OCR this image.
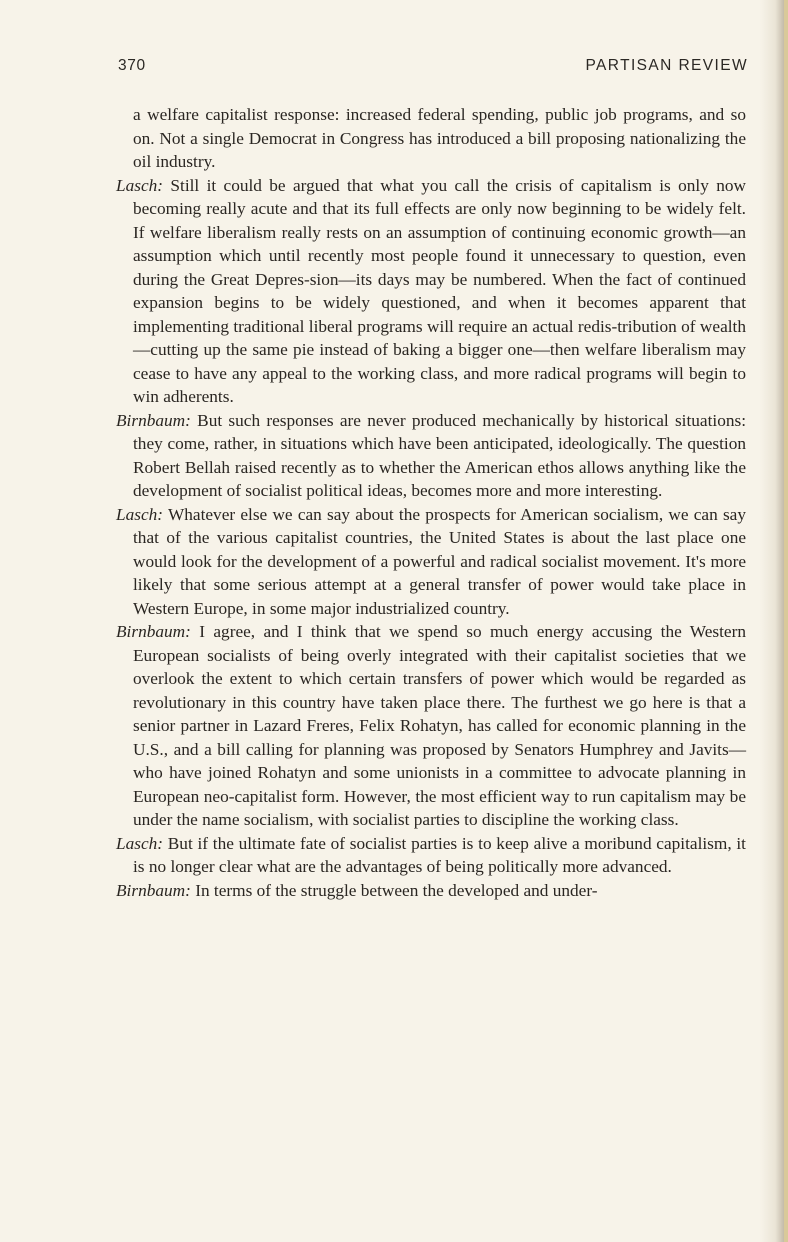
370	PARTISAN REVIEW

a welfare capitalist response: increased federal spending, public job programs, and so on. Not a single Democrat in Congress has introduced a bill proposing nationalizing the oil industry.

Lasch: Still it could be argued that what you call the crisis of capitalism is only now becoming really acute and that its full effects are only now beginning to be widely felt. If welfare liberalism really rests on an assumption of continuing economic growth—an assumption which until recently most people found it unnecessary to question, even during the Great Depres-sion—its days may be numbered. When the fact of continued expansion begins to be widely questioned, and when it becomes apparent that implementing traditional liberal programs will require an actual redis-tribution of wealth—cutting up the same pie instead of baking a bigger one—then welfare liberalism may cease to have any appeal to the working class, and more radical programs will begin to win adherents.

Birnbaum: But such responses are never produced mechanically by historical situations: they come, rather, in situations which have been anticipated, ideologically. The question Robert Bellah raised recently as to whether the American ethos allows anything like the development of socialist political ideas, becomes more and more interesting.

Lasch: Whatever else we can say about the prospects for American socialism, we can say that of the various capitalist countries, the United States is about the last place one would look for the development of a powerful and radical socialist movement. It's more likely that some serious attempt at a general transfer of power would take place in Western Europe, in some major industrialized country.

Birnbaum: I agree, and I think that we spend so much energy accusing the Western European socialists of being overly integrated with their capitalist societies that we overlook the extent to which certain transfers of power which would be regarded as revolutionary in this country have taken place there. The furthest we go here is that a senior partner in Lazard Freres, Felix Rohatyn, has called for economic planning in the U.S., and a bill calling for planning was proposed by Senators Humphrey and Javits—who have joined Rohatyn and some unionists in a committee to advocate planning in European neo-capitalist form. However, the most efficient way to run capitalism may be under the name socialism, with socialist parties to discipline the working class.

Lasch: But if the ultimate fate of socialist parties is to keep alive a moribund capitalism, it is no longer clear what are the advantages of being politically more advanced.

Birnbaum: In terms of the struggle between the developed and under-
